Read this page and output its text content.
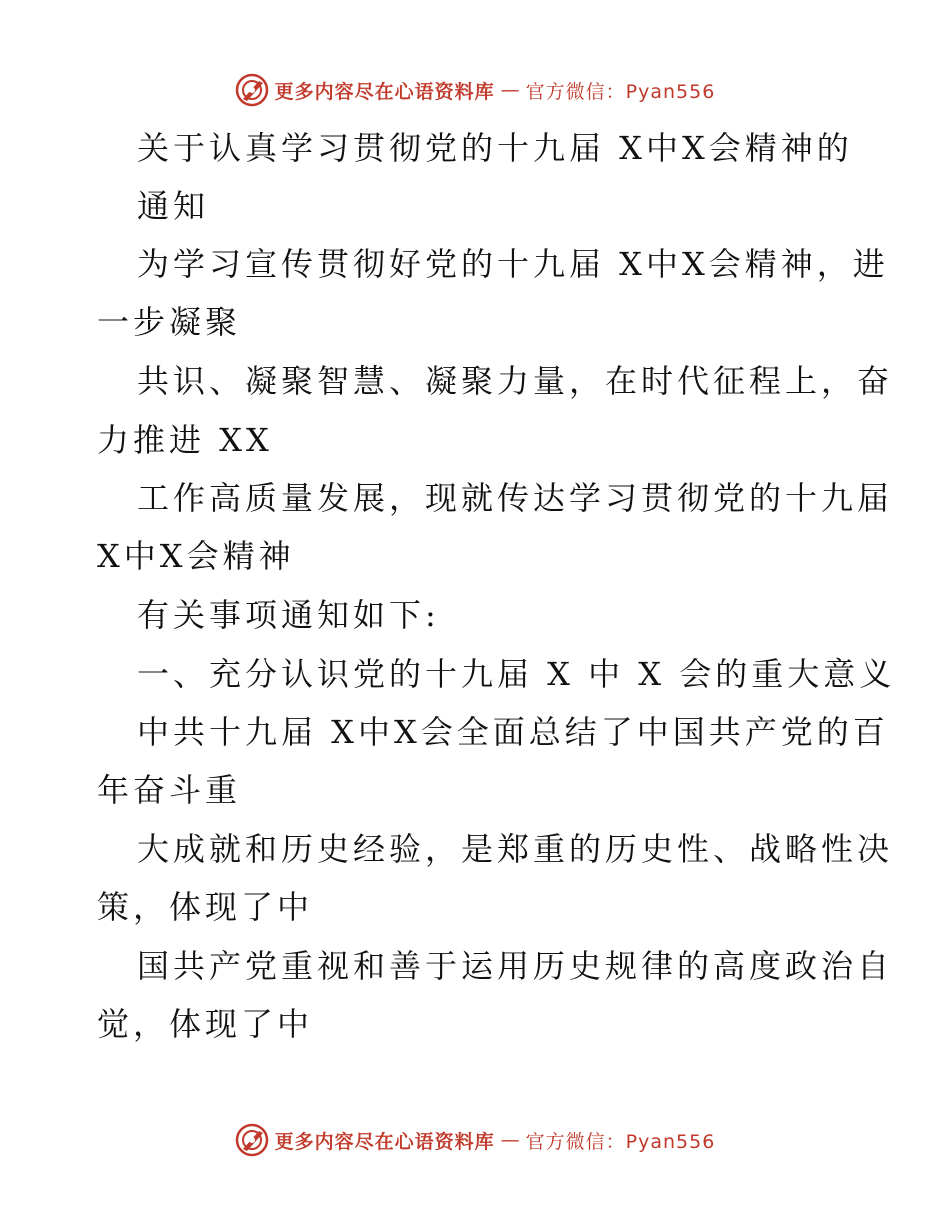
更多内容尽在心语资料库 — 官方微信：Pyan556
关于认真学习贯彻党的十九届 X中X会精神的
通知
为学习宣传贯彻好党的十九届 X中X会精神，进
一步凝聚
共识、凝聚智慧、凝聚力量，在时代征程上，奋
力推进 XX
工作高质量发展，现就传达学习贯彻党的十九届
X中X会精神
有关事项通知如下:
一、充分认识党的十九届 X 中 X 会的重大意义
中共十九届 X中X会全面总结了中国共产党的百
年奋斗重
大成就和历史经验，是郑重的历史性、战略性决
策，体现了中
国共产党重视和善于运用历史规律的高度政治自
觉，体现了中
更多内容尽在心语资料库 — 官方微信：Pyan556
